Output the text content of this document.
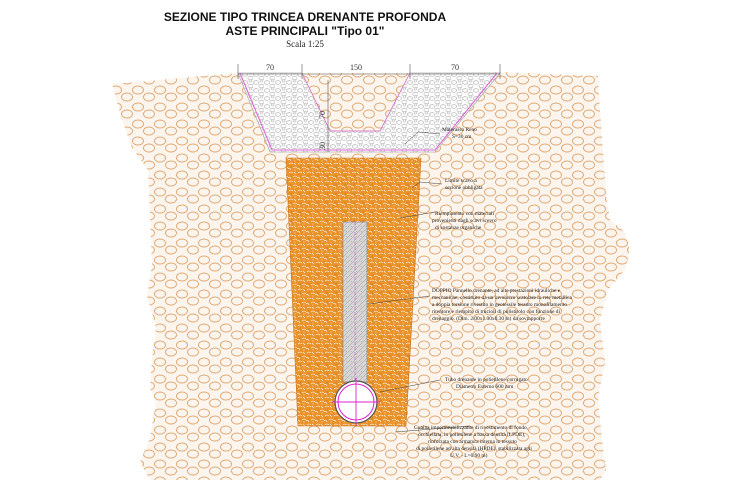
SEZIONE TIPO TRINCEA DRENANTE PROFONDA
ASTE PRINCIPALI "Tipo 01"
Scala 1:25
70	150	70
70
30
Materasso Reno S=30 cm
Limite scavo a sezione obbligata
Riempimento con materiali provenienti dagli scavi scevro di sostanze organiche
DOPPIO Pannello drenante, ad alte prestazioni idrauliche e meccaniche, costituito da un involucro scatolare in rete metallica a doppia torsione rivestito in geotessile tessuto monofilamento ritentore e riempito di trucioli di polistirolo con funzione di drenaggio. (Dim. 2.00x1.00x0.30 m) da sovrapporre
Tubo drenante in polietilene corrugato Diametro Esterno 600 mm
Guaina impermeabilizzante di rivestimento di fondo, occhiellata, in polietilene a bassa densità (LPDE), rinforzata con armatura interna in tessuto di polietilene ad alta densità (HPDE), stabilizzata agli U.V. - L=0.90 m)
